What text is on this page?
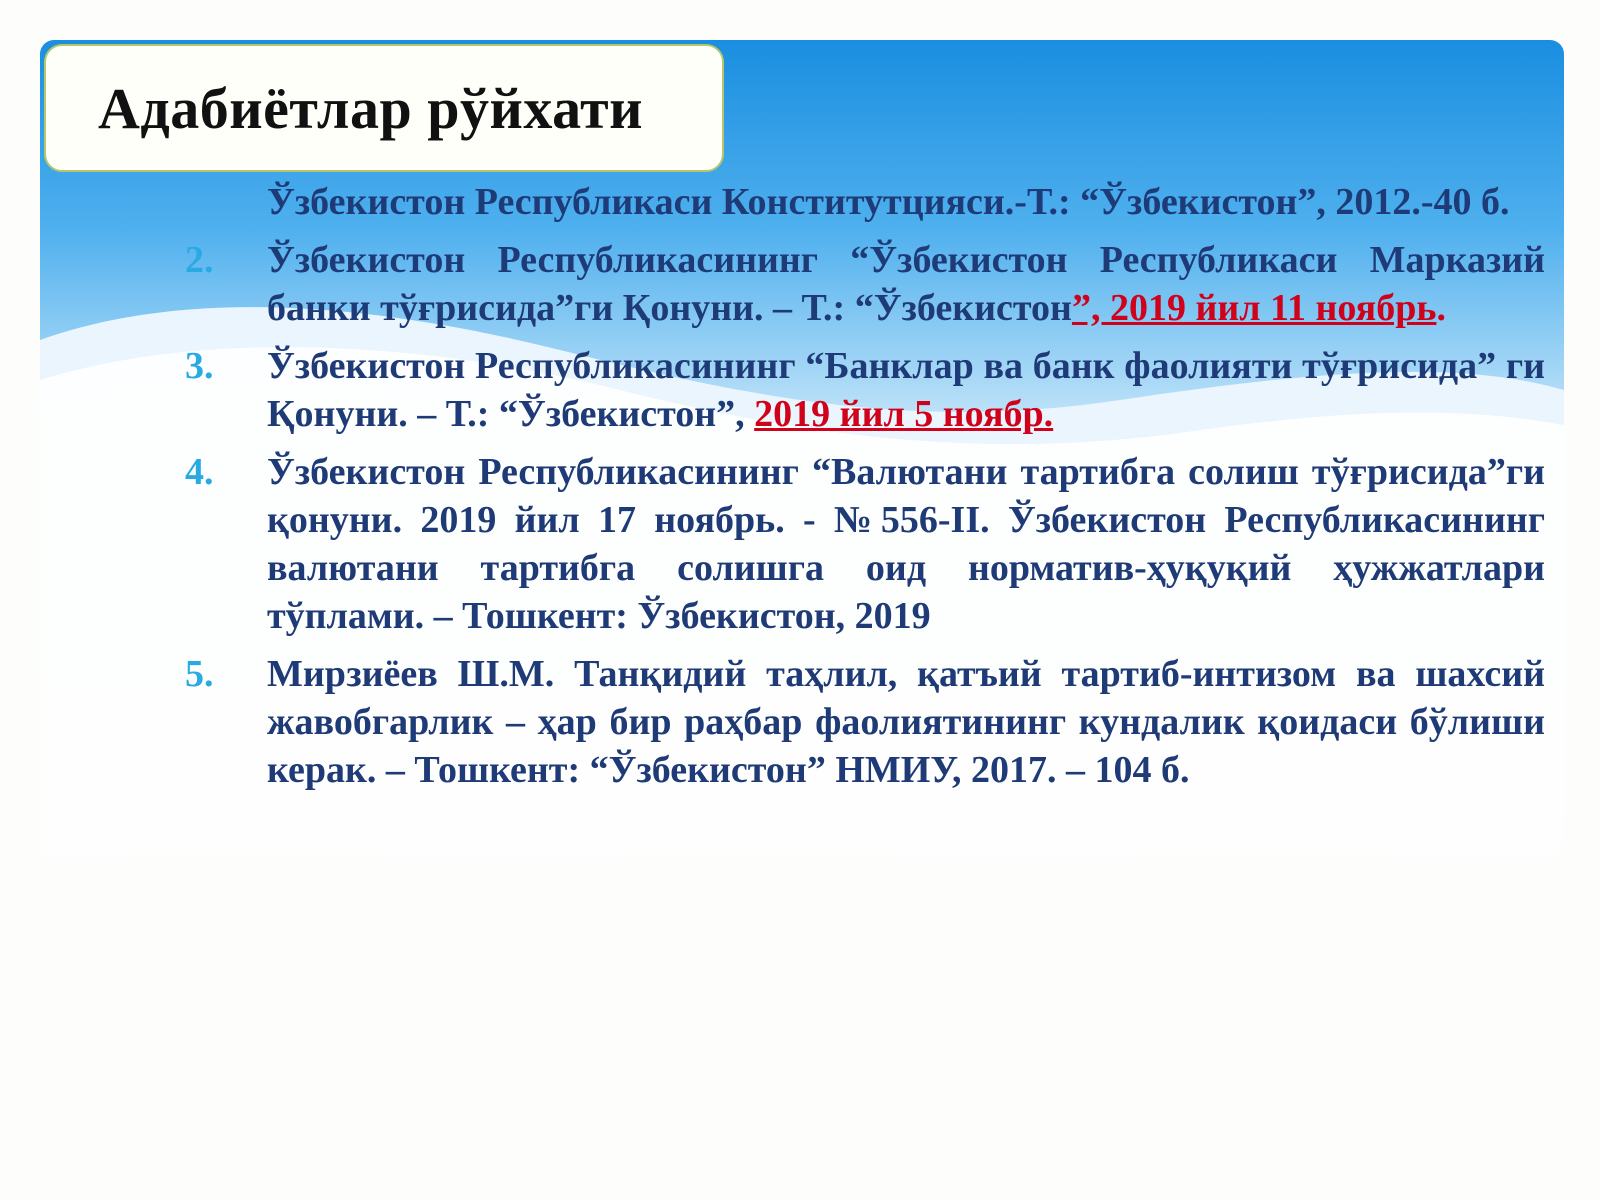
Адабиётлар рўйхати
Ўзбекистон Республикаси Конститутцияси.-Т.: “Ўзбекистон”, 2012.-40 б.
2.	Ўзбекистон Республикасининг “Ўзбекистон Республикаси Марказий банки тўғрисида”ги Қонуни. – Т.: “Ўзбекистон”, 2019 йил 11 ноябрь.
3.	Ўзбекистон Республикасининг “Банклар ва банк фаолияти тўғрисида” ги Қонуни. – Т.: “Ўзбекистон”, 2019 йил 5 ноябр.
4.	Ўзбекистон Республикасининг “Валютани тартибга солиш тўғрисида”ги қонуни. 2019 йил 17 ноябрь. - №556-II. Ўзбекистон Республикасининг валютани тартибга солишга оид норматив-ҳуқуқий ҳужжатлари тўплами. – Тошкент: Ўзбекистон, 2019
5.	Мирзиёев Ш.М. Танқидий таҳлил, қатъий тартиб-интизом ва шахсий жавобгарлик – ҳар бир раҳбар фаолиятининг кундалик қоидаси бўлиши керак. – Тошкент: “Ўзбекистон” НМИУ, 2017. – 104 б.
